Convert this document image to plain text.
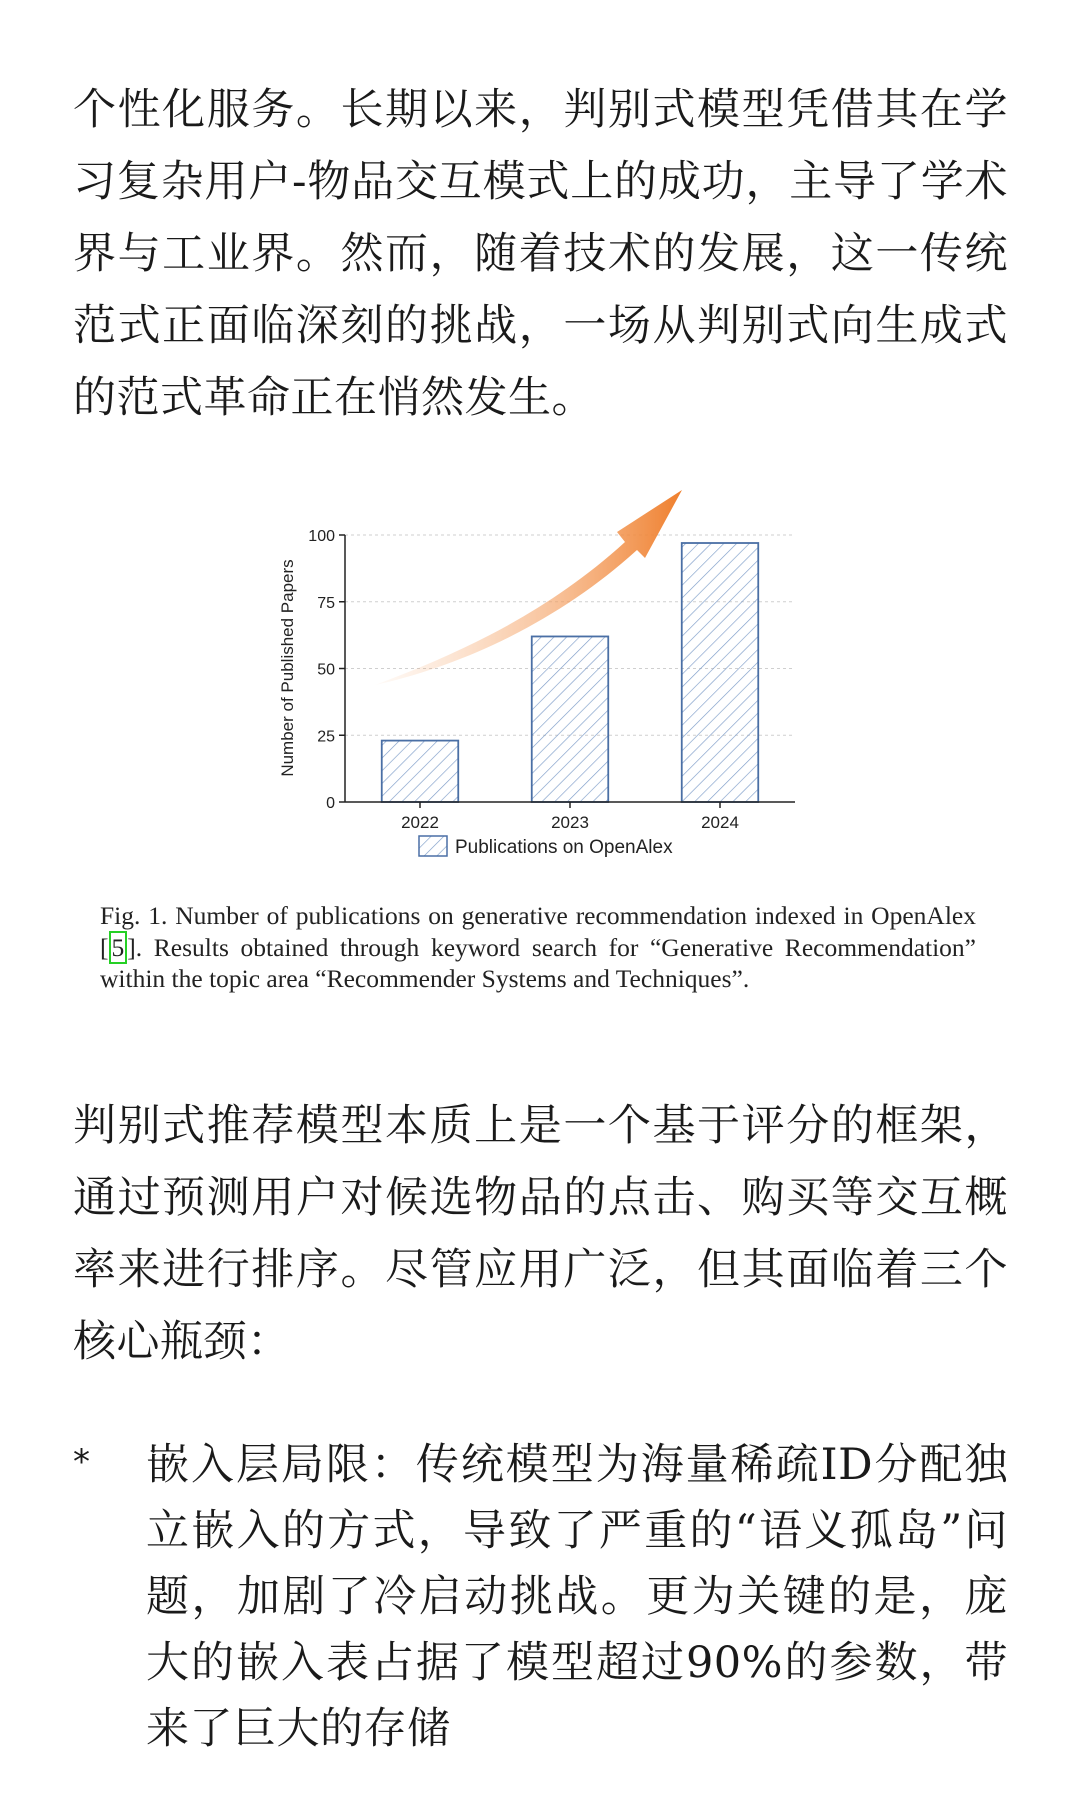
个性化服务。长期以来，判别式模型凭借其在学习复杂用户-物品交互模式上的成功，主导了学术界与工业界。然而，随着技术的发展，这一传统范式正面临深刻的挑战，一场从判别式向生成式的范式革命正在悄然发生。

0
25
50
75
100
2022	2023	2024
Number of Published Papers
Publications on OpenAlex

Fig. 1. Number of publications on generative recommendation indexed in OpenAlex [ 5 ]. Results obtained through keyword search for “Generative Recommendation” within the topic area “Recommender Systems and Techniques”.

判别式推荐模型本质上是一个基于评分的框架，通过预测用户对候选物品的点击、购买等交互概率来进行排序。尽管应用广泛，但其面临着三个核心瓶颈：

* 嵌入层局限：传统模型为海量稀疏ID分配独立嵌入的方式，导致了严重的“语义孤岛”问题，加剧了冷启动挑战。更为关键的是，庞大的嵌入表占据了模型超过90%的参数，带来了巨大的存储
